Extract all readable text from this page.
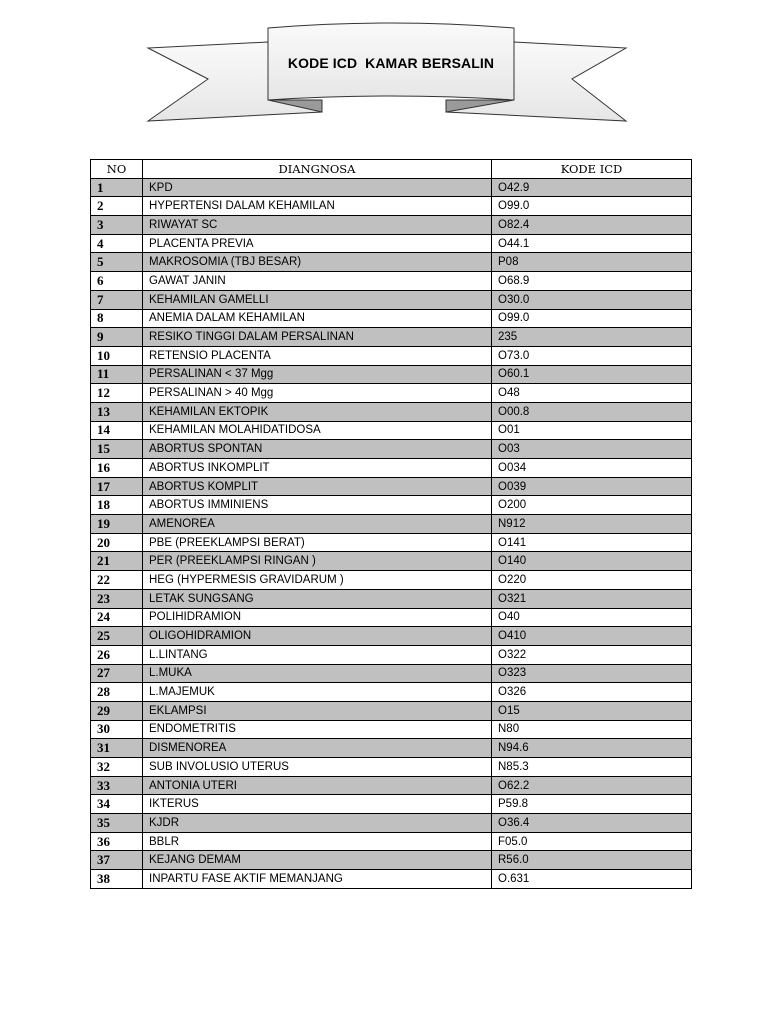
KODE ICD  KAMAR BERSALIN
NO	DIANGNOSA	KODE ICD
1	KPD	O42.9
2	HYPERTENSI DALAM KEHAMILAN	O99.0
3	RIWAYAT SC	O82.4
4	PLACENTA PREVIA	O44.1
5	MAKROSOMIA (TBJ BESAR)	P08
6	GAWAT JANIN	O68.9
7	KEHAMILAN GAMELLI	O30.0
8	ANEMIA DALAM KEHAMILAN	O99.0
9	RESIKO TINGGI DALAM PERSALINAN	235
10	RETENSIO PLACENTA	O73.0
11	PERSALINAN < 37 Mgg	O60.1
12	PERSALINAN > 40 Mgg	O48
13	KEHAMILAN EKTOPIK	O00.8
14	KEHAMILAN MOLAHIDATIDOSA	O01
15	ABORTUS SPONTAN	O03
16	ABORTUS INKOMPLIT	O034
17	ABORTUS KOMPLIT	O039
18	ABORTUS IMMINIENS	O200
19	AMENOREA	N912
20	PBE (PREEKLAMPSI BERAT)	O141
21	PER (PREEKLAMPSI RINGAN )	O140
22	HEG (HYPERMESIS GRAVIDARUM )	O220
23	LETAK SUNGSANG	O321
24	POLIHIDRAMION	O40
25	OLIGOHIDRAMION	O410
26	L.LINTANG	O322
27	L.MUKA	O323
28	L.MAJEMUK	O326
29	EKLAMPSI	O15
30	ENDOMETRITIS	N80
31	DISMENOREA	N94.6
32	SUB INVOLUSIO UTERUS	N85.3
33	ANTONIA UTERI	O62.2
34	IKTERUS	P59.8
35	KJDR	O36.4
36	BBLR	F05.0
37	KEJANG DEMAM	R56.0
38	INPARTU FASE AKTIF MEMANJANG	O.631
